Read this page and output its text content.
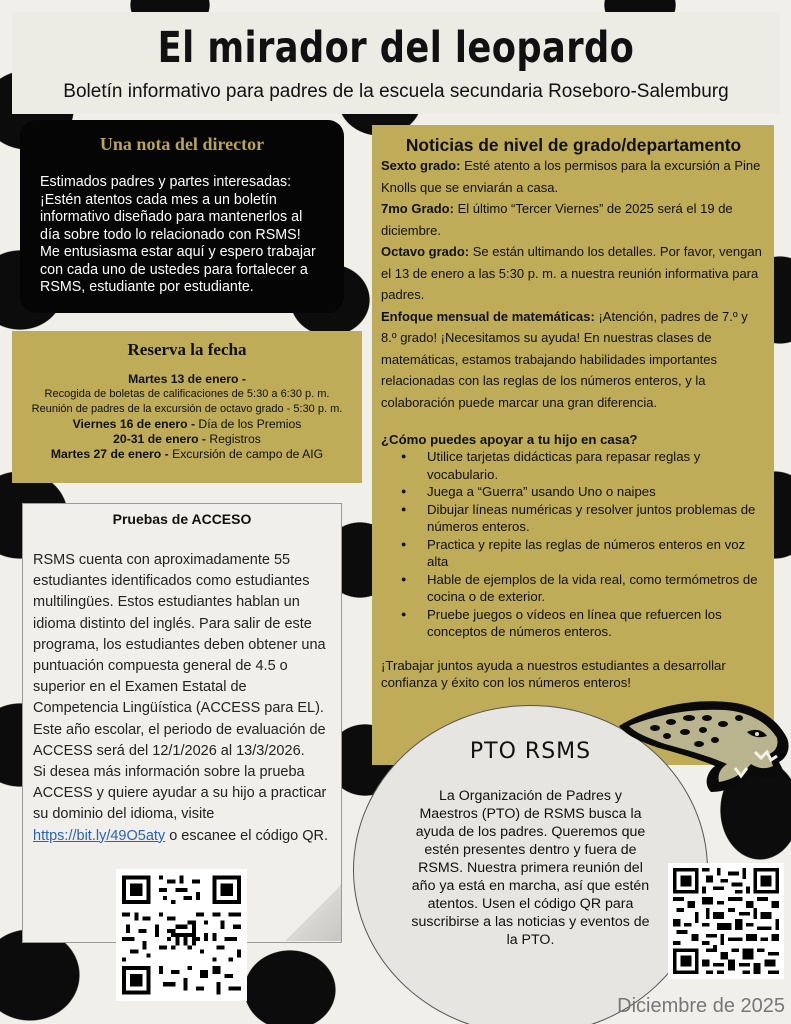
El mirador del leopardo
Boletín informativo para padres de la escuela secundaria Roseboro-Salemburg
Una nota del director

Estimados padres y partes interesadas: ¡Estén atentos cada mes a un boletín informativo diseñado para mantenerlos al día sobre todo lo relacionado con RSMS! Me entusiasma estar aquí y espero trabajar con cada uno de ustedes para fortalecer a RSMS, estudiante por estudiante.

Reserva la fecha
Martes 13 de enero -
Recogida de boletas de calificaciones de 5:30 a 6:30 p. m.
Reunión de padres de la excursión de octavo grado - 5:30 p. m.
Viernes 16 de enero - Día de los Premios
20-31 de enero - Registros
Martes 27 de enero - Excursión de campo de AIG
Pruebas de ACCESO

RSMS cuenta con aproximadamente 55 estudiantes identificados como estudiantes multilingües. Estos estudiantes hablan un idioma distinto del inglés. Para salir de este programa, los estudiantes deben obtener una puntuación compuesta general de 4.5 o superior en el Examen Estatal de Competencia Lingüística (ACCESS para EL). Este año escolar, el periodo de evaluación de ACCESS será del 12/1/2026 al 13/3/2026.
Si desea más información sobre la prueba ACCESS y quiere ayudar a su hijo a practicar su dominio del idioma, visite https://bit.ly/49O5aty o escanee el código QR.

Noticias de nivel de grado/departamento
Sexto grado: Esté atento a los permisos para la excursión a Pine Knolls que se enviarán a casa.
7mo Grado: El último “Tercer Viernes” de 2025 será el 19 de diciembre.
Octavo grado: Se están ultimando los detalles. Por favor, vengan el 13 de enero a las 5:30 p. m. a nuestra reunión informativa para padres.
Enfoque mensual de matemáticas: ¡Atención, padres de 7.º y 8.º grado! ¡Necesitamos su ayuda! En nuestras clases de matemáticas, estamos trabajando habilidades importantes relacionadas con las reglas de los números enteros, y la colaboración puede marcar una gran diferencia.
¿Cómo puedes apoyar a tu hijo en casa?
● Utilice tarjetas didácticas para repasar reglas y vocabulario.
● Juega a “Guerra” usando Uno o naipes
● Dibujar líneas numéricas y resolver juntos problemas de números enteros.
● Practica y repite las reglas de números enteros en voz alta
● Hable de ejemplos de la vida real, como termómetros de cocina o de exterior.
● Pruebe juegos o vídeos en línea que refuercen los conceptos de números enteros.

¡Trabajar juntos ayuda a nuestros estudiantes a desarrollar confianza y éxito con los números enteros!

PTO RSMS

La Organización de Padres y Maestros (PTO) de RSMS busca la ayuda de los padres. Queremos que estén presentes dentro y fuera de RSMS. Nuestra primera reunión del año ya está en marcha, así que estén atentos. Usen el código QR para suscribirse a las noticias y eventos de la PTO.

Diciembre de 2025
